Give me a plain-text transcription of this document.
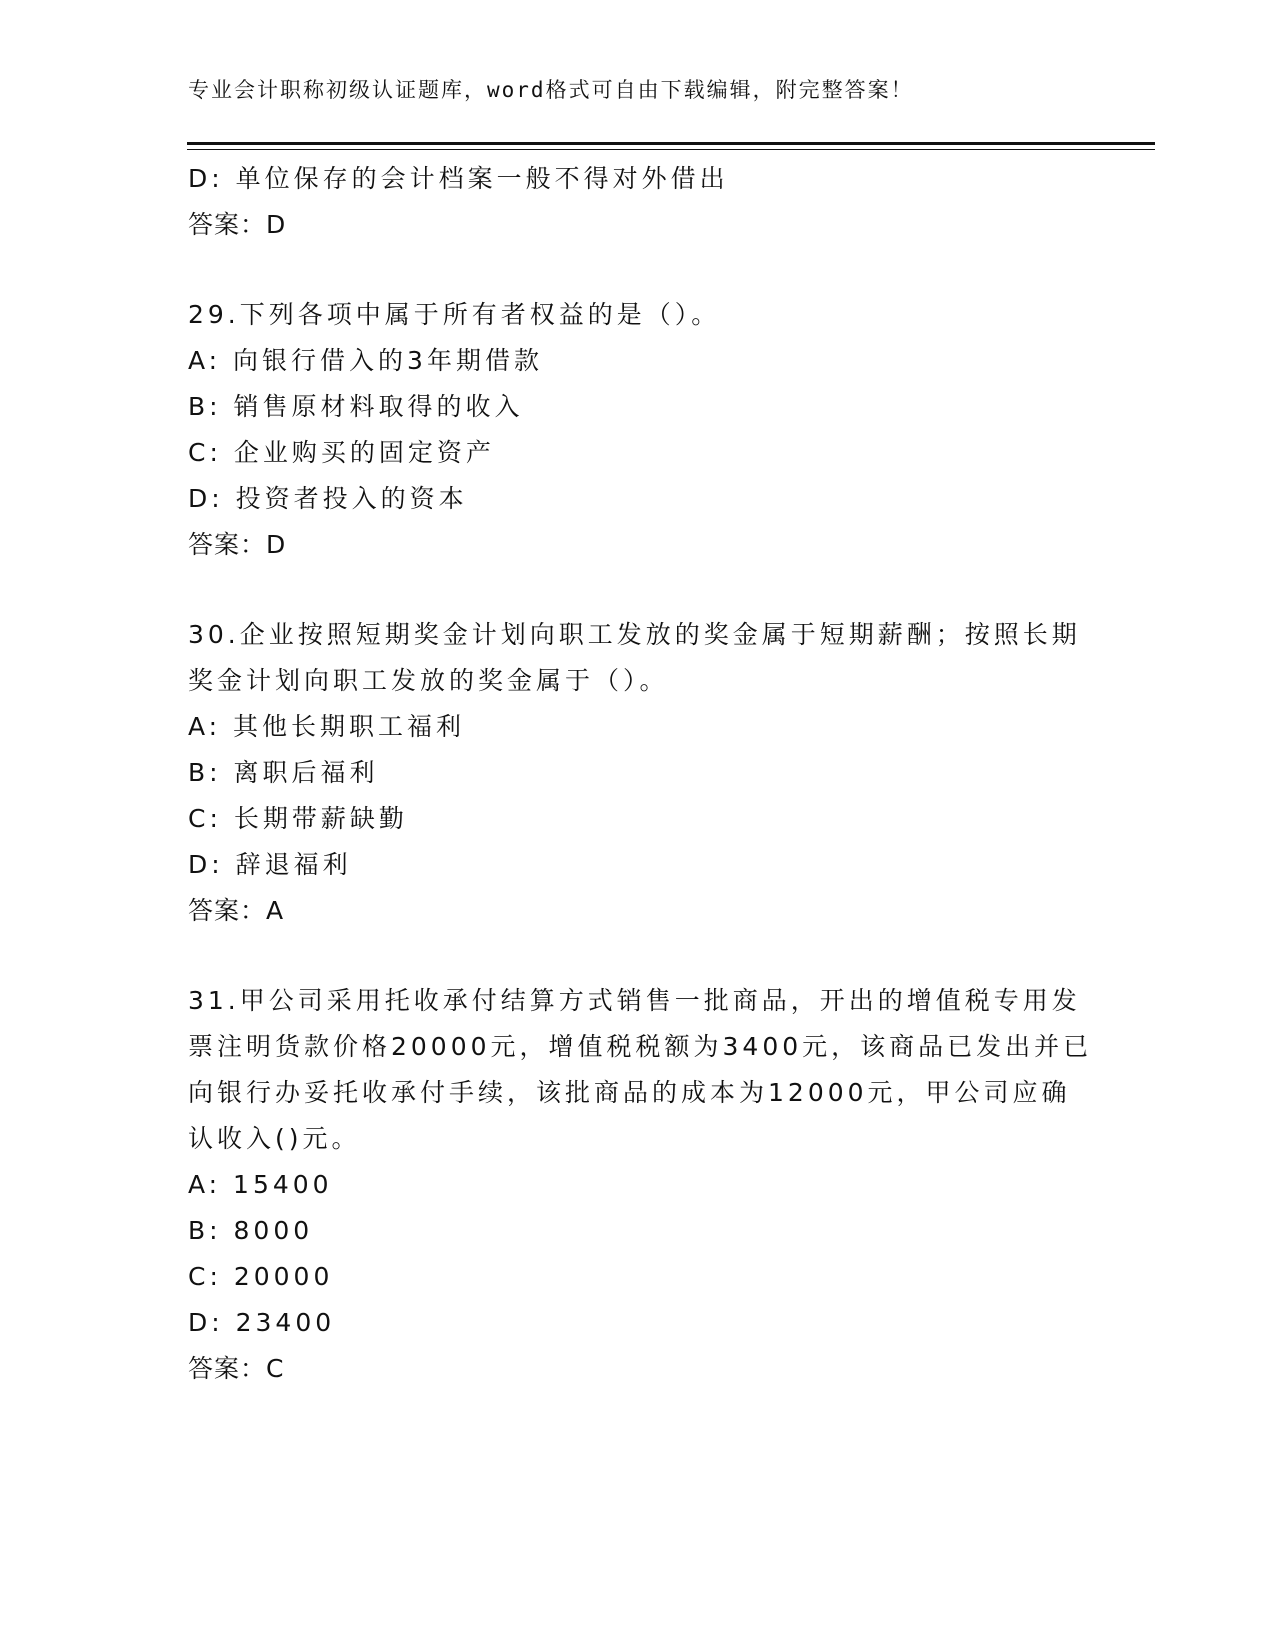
专业会计职称初级认证题库，word格式可自由下载编辑，附完整答案！
D: 单位保存的会计档案一般不得对外借出
答案：D
29.下列各项中属于所有者权益的是（）。
A: 向银行借入的3年期借款
B: 销售原材料取得的收入
C: 企业购买的固定资产
D: 投资者投入的资本
答案：D
30.企业按照短期奖金计划向职工发放的奖金属于短期薪酬；按照长期
奖金计划向职工发放的奖金属于（）。
A: 其他长期职工福利
B: 离职后福利
C: 长期带薪缺勤
D: 辞退福利
答案：A
31.甲公司采用托收承付结算方式销售一批商品，开出的增值税专用发
票注明货款价格20000元，增值税税额为3400元，该商品已发出并已
向银行办妥托收承付手续，该批商品的成本为12000元，甲公司应确
认收入()元。
A: 15400
B: 8000
C: 20000
D: 23400
答案：C
